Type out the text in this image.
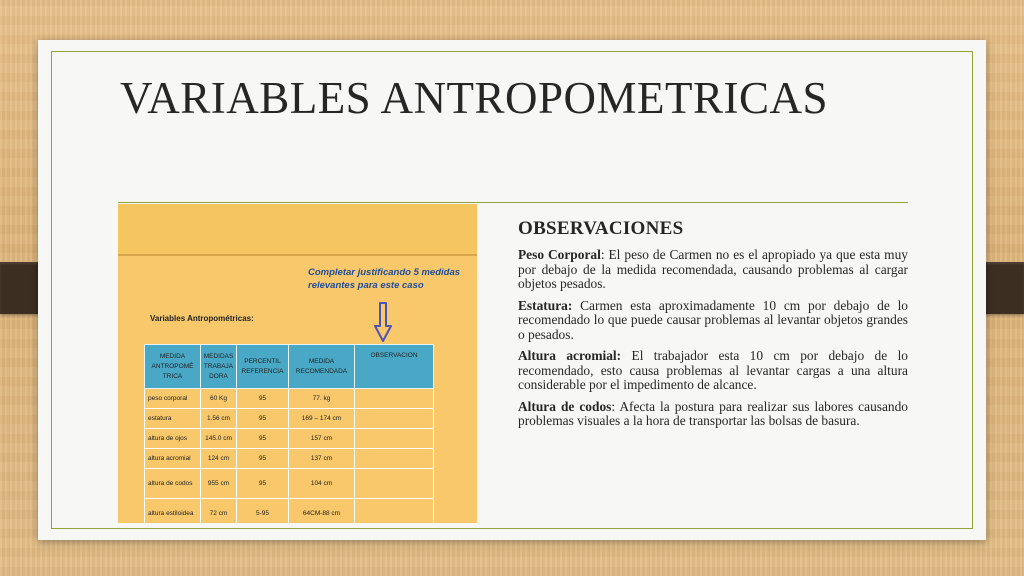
VARIABLES ANTROPOMETRICAS
Completar justificando 5 medidas relevantes para este caso
Variables Antropométricas:
MEDIDA ANTROPOMÉ TRICA	MEDIDAS TRABAJA DORA	PERCENTIL REFERENCIA	MEDIDA RECOMENDADA	OBSERVACION
peso corporal	60 Kg	95	77. kg	
estatura	1.56 cm	95	169 – 174 cm	
altura de ojos	145.0 cm	95	157 cm	
altura acromial	124 cm	95	137 cm	
altura de codos	955 cm	95	104 cm	
altura estiloidea	72 cm	5-95	64CM-88 cm	
OBSERVACIONES

Peso Corporal: El peso de Carmen no es el apropiado ya que esta muy por debajo de la medida recomendada, causando problemas al cargar objetos pesados.

Estatura: Carmen esta aproximadamente 10 cm por debajo de lo recomendado lo que puede causar problemas al levantar objetos grandes o pesados.

Altura acromial: El trabajador esta 10 cm por debajo de lo recomendado, esto causa problemas al levantar cargas a una altura considerable por el impedimento de alcance.

Altura de codos: Afecta la postura para realizar sus labores causando problemas visuales a la hora de transportar las bolsas de basura.
